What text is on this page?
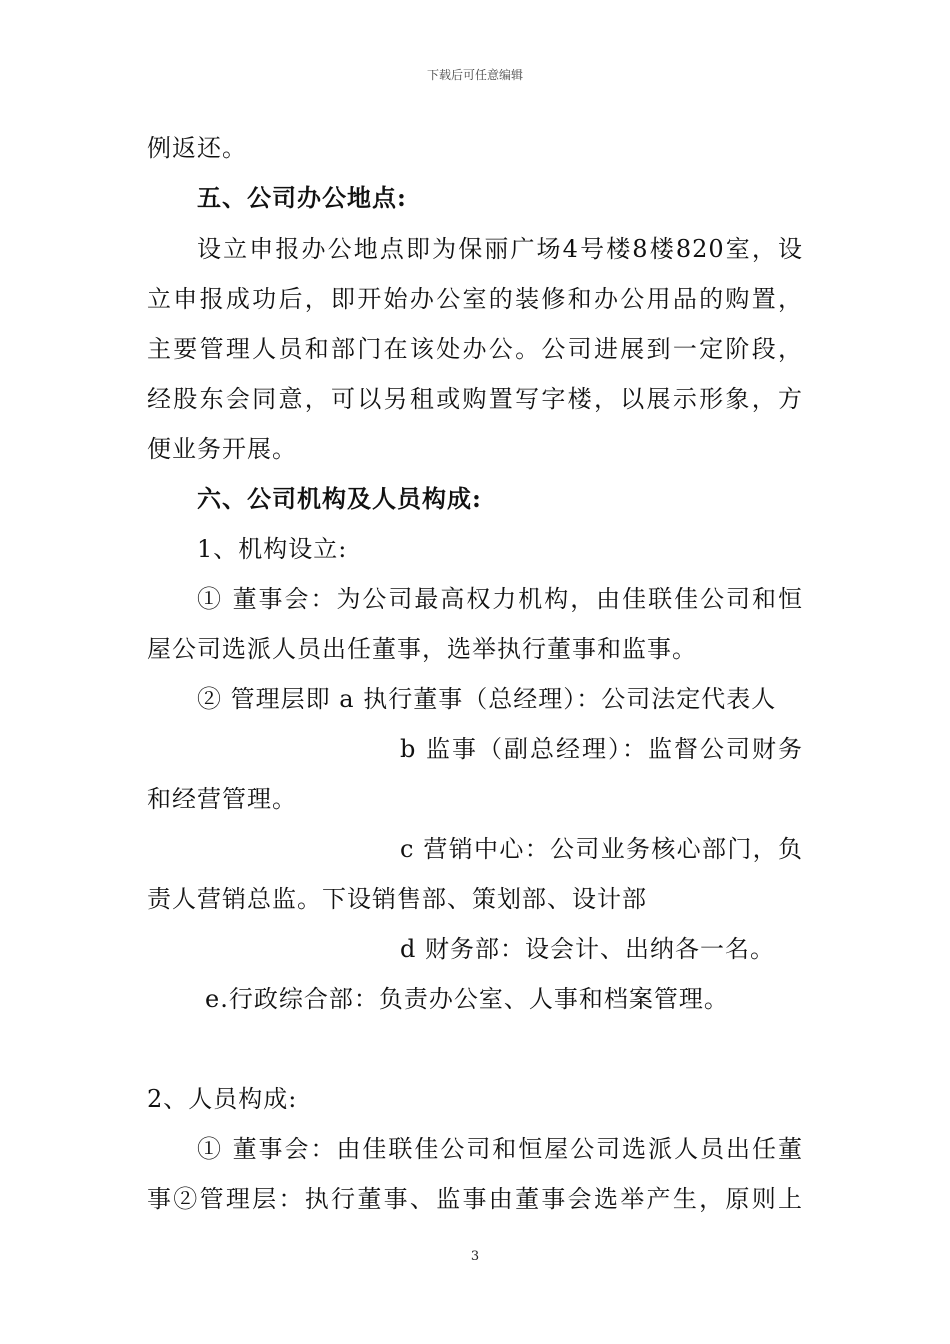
下载后可任意编辑
例返还。
五、公司办公地点:
设立申报办公地点即为保丽广场4号楼8楼820室，设
立申报成功后，即开始办公室的装修和办公用品的购置，
主要管理人员和部门在该处办公。公司进展到一定阶段，
经股东会同意，可以另租或购置写字楼，以展示形象，方
便业务开展。
六、公司机构及人员构成:
1、机构设立:
① 董事会：为公司最高权力机构，由佳联佳公司和恒
屋公司选派人员出任董事，选举执行董事和监事。
② 管理层即 a 执行董事（总经理）：公司法定代表人
b 监事（副总经理）：监督公司财务
和经营管理。
c 营销中心：公司业务核心部门，负
责人营销总监。下设销售部、策划部、设计部
d 财务部：设会计、出纳各一名。
e.行政综合部：负责办公室、人事和档案管理。
2、人员构成:
① 董事会：由佳联佳公司和恒屋公司选派人员出任董
事②管理层：执行董事、监事由董事会选举产生，原则上
3
